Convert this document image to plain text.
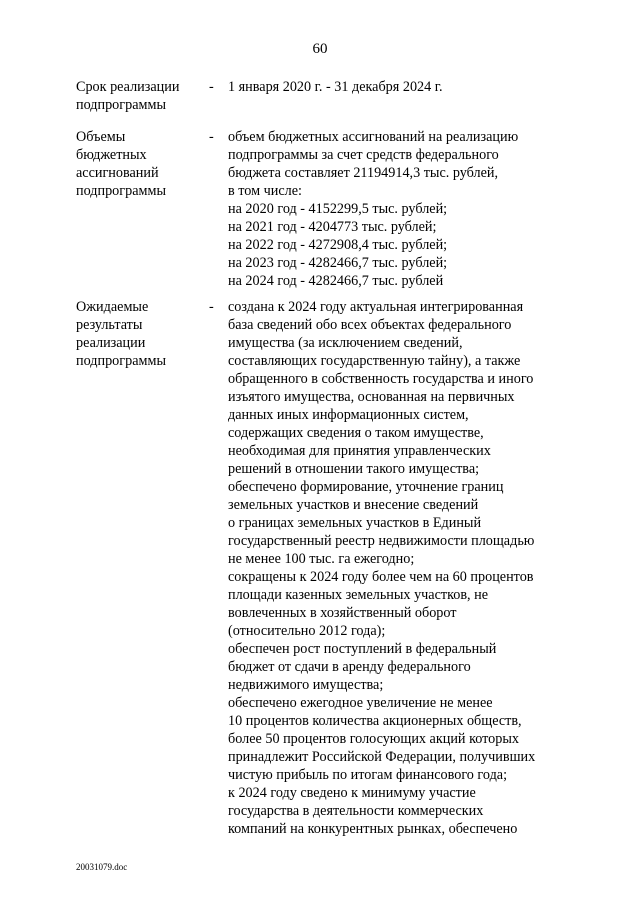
60
Срок реализации
подпрограммы
- 1 января 2020 г. - 31 декабря 2024 г.
Объемы
бюджетных
ассигнований
подпрограммы
- объем бюджетных ассигнований на реализацию
подпрограммы за счет средств федерального
бюджета составляет 21194914,3 тыс. рублей,
в том числе:
на 2020 год - 4152299,5 тыс. рублей;
на 2021 год - 4204773 тыс. рублей;
на 2022 год - 4272908,4 тыс. рублей;
на 2023 год - 4282466,7 тыс. рублей;
на 2024 год - 4282466,7 тыс. рублей
Ожидаемые
результаты
реализации
подпрограммы
- создана к 2024 году актуальная интегрированная
база сведений обо всех объектах федерального
имущества (за исключением сведений,
составляющих государственную тайну), а также
обращенного в собственность государства и иного
изъятого имущества, основанная на первичных
данных иных информационных систем,
содержащих сведения о таком имуществе,
необходимая для принятия управленческих
решений в отношении такого имущества;
обеспечено формирование, уточнение границ
земельных участков и внесение сведений
о границах земельных участков в Единый
государственный реестр недвижимости площадью
не менее 100 тыс. га ежегодно;
сокращены к 2024 году более чем на 60 процентов
площади казенных земельных участков, не
вовлеченных в хозяйственный оборот
(относительно 2012 года);
обеспечен рост поступлений в федеральный
бюджет от сдачи в аренду федерального
недвижимого имущества;
обеспечено ежегодное увеличение не менее
10 процентов количества акционерных обществ,
более 50 процентов голосующих акций которых
принадлежит Российской Федерации, получивших
чистую прибыль по итогам финансового года;
к 2024 году сведено к минимуму участие
государства в деятельности коммерческих
компаний на конкурентных рынках, обеспечено
20031079.doc
